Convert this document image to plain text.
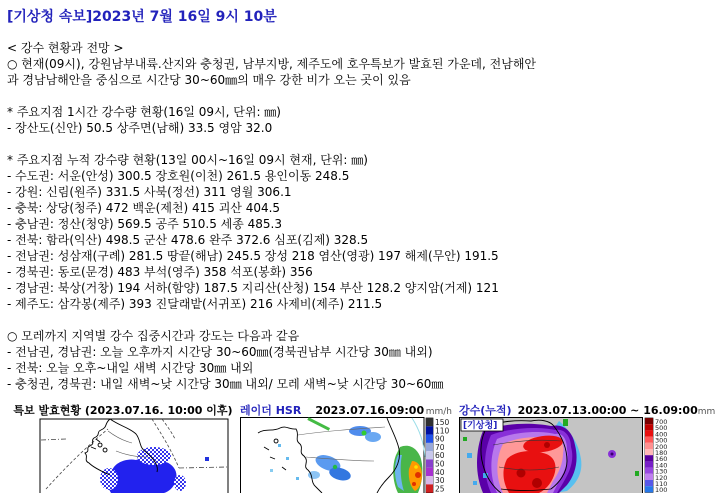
[기상청 속보]2023년 7월 16일 9시 10분
< 강수 현황과 전망 >
○ 현재(09시), 강원남부내륙.산지와 충청권, 남부지방, 제주도에 호우특보가 발효된 가운데, 전남해안
과 경남남해안을 중심으로 시간당 30~60㎜의 매우 강한 비가 오는 곳이 있음
* 주요지점 1시간 강수량 현황(16일 09시, 단위: ㎜)
- 장산도(신안) 50.5 상주면(남해) 33.5 영암 32.0
* 주요지점 누적 강수량 현황(13일 00시~16일 09시 현재, 단위: ㎜)
- 수도권: 서운(안성) 300.5 장호원(이천) 261.5 용인이동 248.5
- 강원: 신림(원주) 331.5 사북(정선) 311 영월 306.1
- 충북: 상당(청주) 472 백운(제천) 415 괴산 404.5
- 충남권: 정산(청양) 569.5 공주 510.5 세종 485.3
- 전북: 함라(익산) 498.5 군산 478.6 완주 372.6 심포(김제) 328.5
- 전남권: 성삼재(구례) 281.5 땅끝(해남) 245.5 장성 218 염산(영광) 197 해제(무안) 191.5
- 경북권: 동로(문경) 483 부석(영주) 358 석포(봉화) 356
- 경남권: 북상(거창) 194 서하(함양) 187.5 지리산(산청) 154 부산 128.2 양지암(거제) 121
- 제주도: 삼각봉(제주) 393 진달래밭(서귀포) 216 사제비(제주) 211.5
○ 모레까지 지역별 강수 집중시간과 강도는 다음과 같음
- 전남권, 경남권: 오늘 오후까지 시간당 30~60㎜(경북권남부 시간당 30㎜ 내외)
- 전북: 오늘 오후~내일 새벽 시간당 30㎜ 내외
- 충청권, 경북권: 내일 새벽~낮 시간당 30㎜ 내외/ 모레 새벽~낮 시간당 30~60㎜
특보 발효현황 (2023.07.16. 10:00 이후) 레이더 HSR 2023.07.16.09:00 mm/h
150
110
90
70
60
50
40
30
25
강수(누적) 2023.07.13.00:00 ~ 16.09:00 mm
[기상청]	700
500
400
300
200
180
160
140
130
120
110
100
